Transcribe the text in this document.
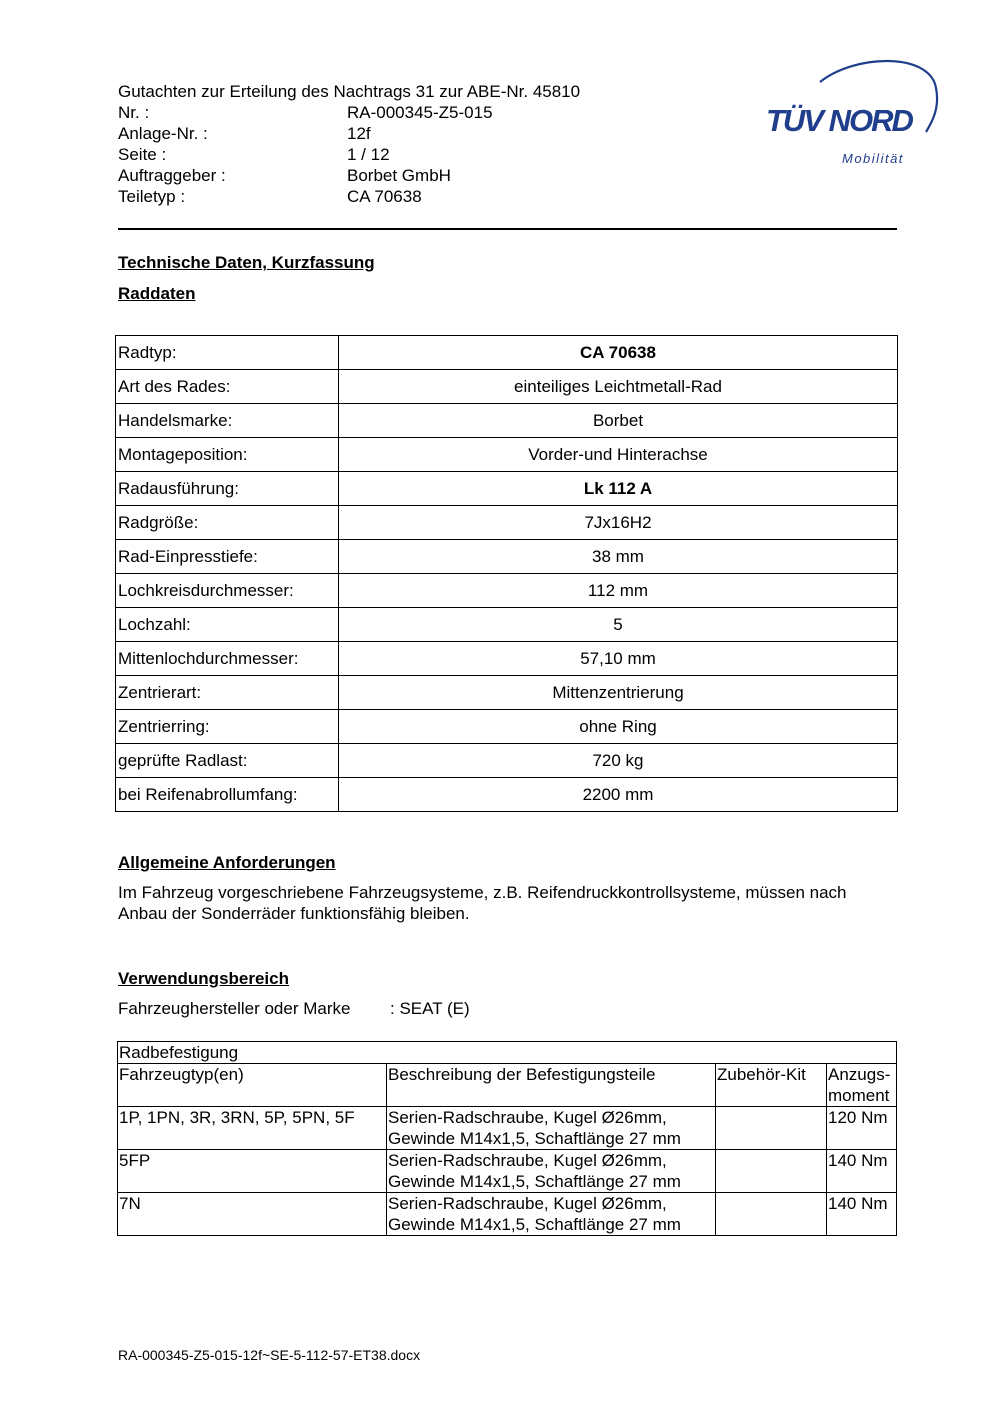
Gutachten zur Erteilung des Nachtrags 31 zur ABE-Nr. 45810
Nr. :	RA-000345-Z5-015
Anlage-Nr. :	12f
Seite :	1 / 12
Auftraggeber :	Borbet GmbH
Teiletyp :	CA 70638
TÜV NORD
Mobilität
Technische Daten, Kurzfassung
Raddaten
Radtyp:	CA 70638
Art des Rades:	einteiliges Leichtmetall-Rad
Handelsmarke:	Borbet
Montageposition:	Vorder-und Hinterachse
Radausführung:	Lk 112 A
Radgröße:	7Jx16H2
Rad-Einpresstiefe:	38 mm
Lochkreisdurchmesser:	112 mm
Lochzahl:	5
Mittenlochdurchmesser:	57,10 mm
Zentrierart:	Mittenzentrierung
Zentrierring:	ohne Ring
geprüfte Radlast:	720 kg
bei Reifenabrollumfang:	2200 mm
Allgemeine Anforderungen
Im Fahrzeug vorgeschriebene Fahrzeugsysteme, z.B. Reifendruckkontrollsysteme, müssen nach Anbau der Sonderräder funktionsfähig bleiben.
Verwendungsbereich
Fahrzeughersteller oder Marke	: SEAT (E)
Radbefestigung			
Fahrzeugtyp(en)	Beschreibung der Befestigungsteile	Zubehör-Kit	Anzugs-moment
1P, 1PN, 3R, 3RN, 5P, 5PN, 5F	Serien-Radschraube, Kugel Ø26mm, Gewinde M14x1,5, Schaftlänge 27 mm		120 Nm
5FP	Serien-Radschraube, Kugel Ø26mm, Gewinde M14x1,5, Schaftlänge 27 mm		140 Nm
7N	Serien-Radschraube, Kugel Ø26mm, Gewinde M14x1,5, Schaftlänge 27 mm		140 Nm
RA-000345-Z5-015-12f~SE-5-112-57-ET38.docx
